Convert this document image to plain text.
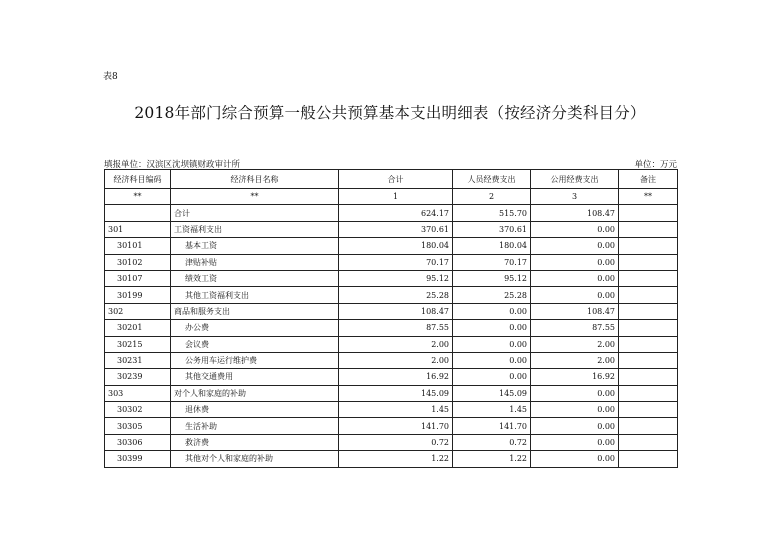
表8
2018年部门综合预算一般公共预算基本支出明细表（按经济分类科目分）
填报单位：汉滨区沈坝镇财政审计所	单位：万元
经济科目编码	经济科目名称	合计	人员经费支出	公用经费支出	备注
**	**	1	2	3	**
	合计	624.17	515.70	108.47	
301	工资福利支出	370.61	370.61	0.00	
30101	基本工资	180.04	180.04	0.00	
30102	津贴补贴	70.17	70.17	0.00	
30107	绩效工资	95.12	95.12	0.00	
30199	其他工资福利支出	25.28	25.28	0.00	
302	商品和服务支出	108.47	0.00	108.47	
30201	办公费	87.55	0.00	87.55	
30215	会议费	2.00	0.00	2.00	
30231	公务用车运行维护费	2.00	0.00	2.00	
30239	其他交通费用	16.92	0.00	16.92	
303	对个人和家庭的补助	145.09	145.09	0.00	
30302	退休费	1.45	1.45	0.00	
30305	生活补助	141.70	141.70	0.00	
30306	救济费	0.72	0.72	0.00	
30399	其他对个人和家庭的补助	1.22	1.22	0.00	
